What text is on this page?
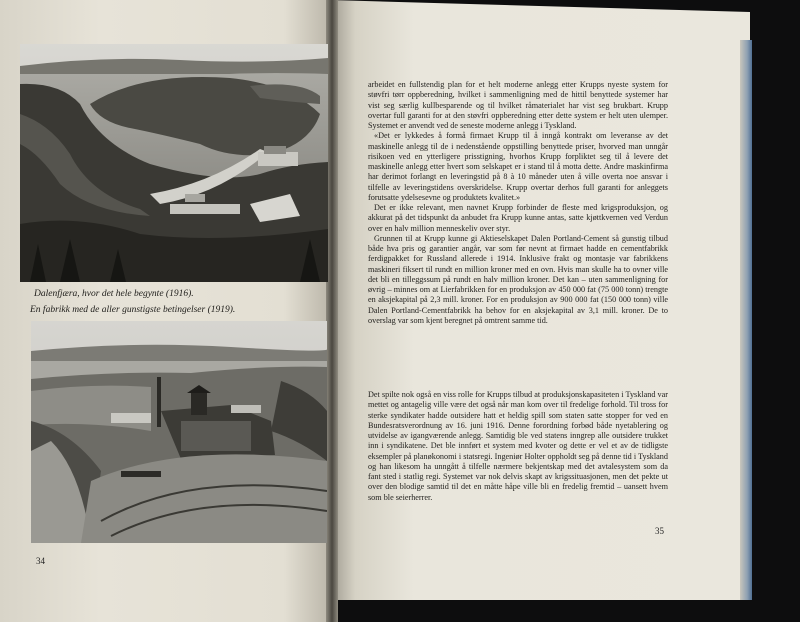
Dalenfjæra, hvor det hele begynte (1916).
En fabrikk med de aller gunstigste betingelser (1919).
34

arbeidet en fullstendig plan for et helt moderne anlegg etter Krupps nyeste system for støvfri tørr oppberedning, hvilket i sammenligning med de hittil benyttede systemer har vist seg særlig kullbesparende og til hvilket råmaterialet har vist seg brukbart. Krupp overtar full garanti for at den støvfri oppberedning etter dette system er helt uten ulemper. Systemet er anvendt ved de seneste moderne anlegg i Tyskland.

«Det er lykkedes å formå firmaet Krupp til å inngå kontrakt om leveranse av det maskinelle anlegg til de i nedenstående oppstilling benyttede priser, hvorved man unngår risikoen ved en ytterligere prisstigning, hvorhos Krupp forpliktet seg til å levere det maskinelle anlegg etter hvert som selskapet er i stand til å motta dette. Andre maskinfirma har derimot forlangt en leveringstid på 8 à 10 måneder uten å ville overta noe ansvar i tilfelle av leveringstidens overskridelse. Krupp overtar derhos full garanti for anleggets forutsatte ydelsesevne og produktets kvalitet.»

Det er ikke relevant, men navnet Krupp forbinder de fleste med krigsproduksjon, og akkurat på det tidspunkt da anbudet fra Krupp kunne antas, satte kjøttkvernen ved Verdun over en halv million menneskeliv over styr.

Grunnen til at Krupp kunne gi Aktieselskapet Dalen Portland-Cement så gunstig tilbud både hva pris og garantier angår, var som før nevnt at firmaet hadde en cementfabrikk ferdigpakket for Russland allerede i 1914. Inklusive frakt og montasje var fabrikkens maskineri fiksert til rundt en million kroner med en ovn. Hvis man skulle ha to ovner ville det bli en tilleggssum på rundt en halv million kroner. Det kan – uten sammenligning for øvrig – minnes om at Lierfabrikken for en produksjon av 450 000 fat (75 000 tonn) trengte en aksjekapital på 2,3 mill. kroner. For en produksjon av 900 000 fat (150 000 tonn) ville Dalen Portland-Cementfabrikk ha behov for en aksjekapital av 3,1 mill. kroner. De to overslag var som kjent beregnet på omtrent samme tid.

Det spilte nok også en viss rolle for Krupps tilbud at produksjonskapasiteten i Tyskland var mettet og antagelig ville være det også når man kom over til fredelige forhold. Til tross for sterke syndikater hadde outsidere hatt et heldig spill som staten satte stopper for ved en Bundesratsverordnung av 16. juni 1916. Denne forordning forbød både nyetablering og utvidelse av igangværende anlegg. Samtidig ble ved statens inngrep alle outsidere trukket inn i syndikatene. Det ble innført et system med kvoter og dette er vel et av de tidligste eksempler på planøkonomi i statsregi. Ingeniør Holter oppholdt seg på denne tid i Tyskland og han likesom ha unngått å tilfelle nærmere bekjentskap med det avtalesystem som da fant sted i statlig regi. Systemet var nok delvis skapt av krigssituasjonen, men det pekte ut over den blodige samtid til det en måtte håpe ville bli en fredelig fremtid – uansett hvem som ble seierherrer.

35
